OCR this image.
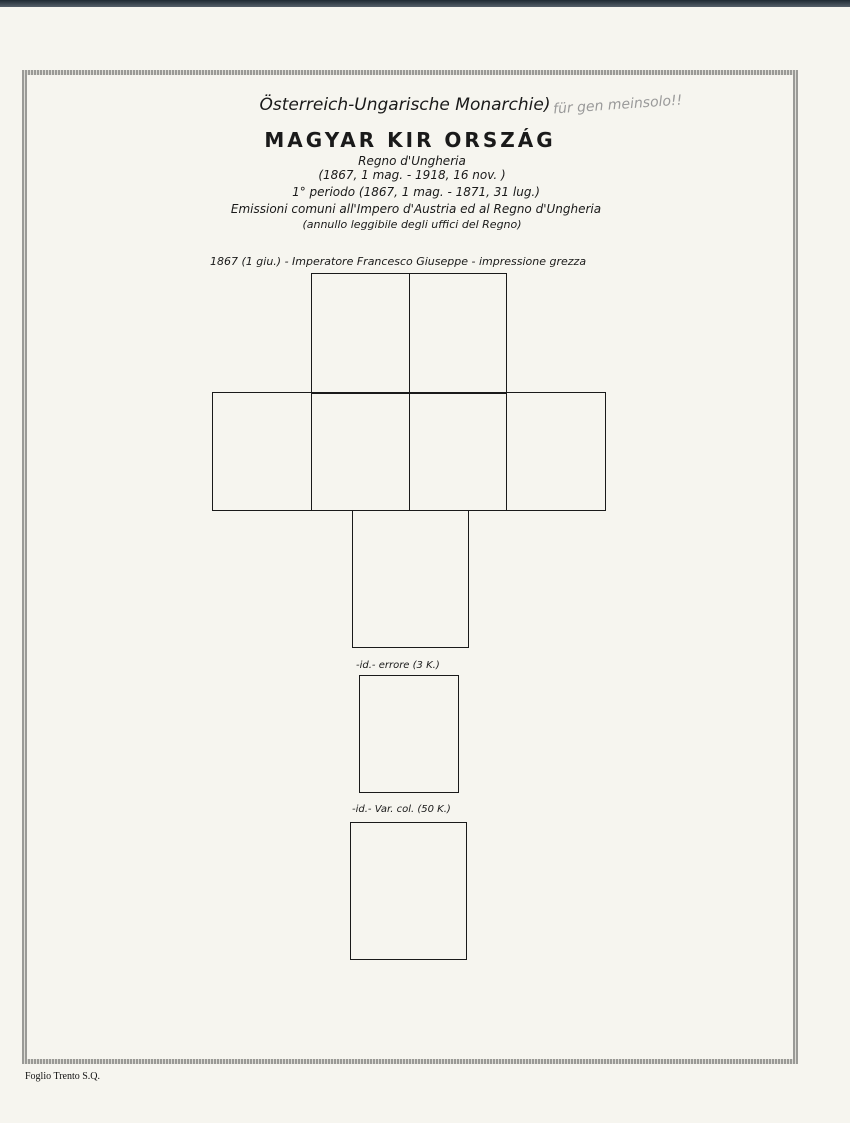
Österreich-Ungarische Monarchie) für gen meinsolo!!
MAGYAR KIR ORSZÁG
Regno d'Ungheria
(1867, 1 mag. - 1918, 16 nov. )
1° periodo (1867, 1 mag. - 1871, 31 lug.)
Emissioni comuni all'Impero d'Austria ed al Regno d'Ungheria
(annullo leggibile degli uffici del Regno)
1867 (1 giu.) - Imperatore Francesco Giuseppe - impressione grezza
-id.- errore (3 K.)
-id.- Var. col. (50 K.)
Foglio Trento S.Q.
